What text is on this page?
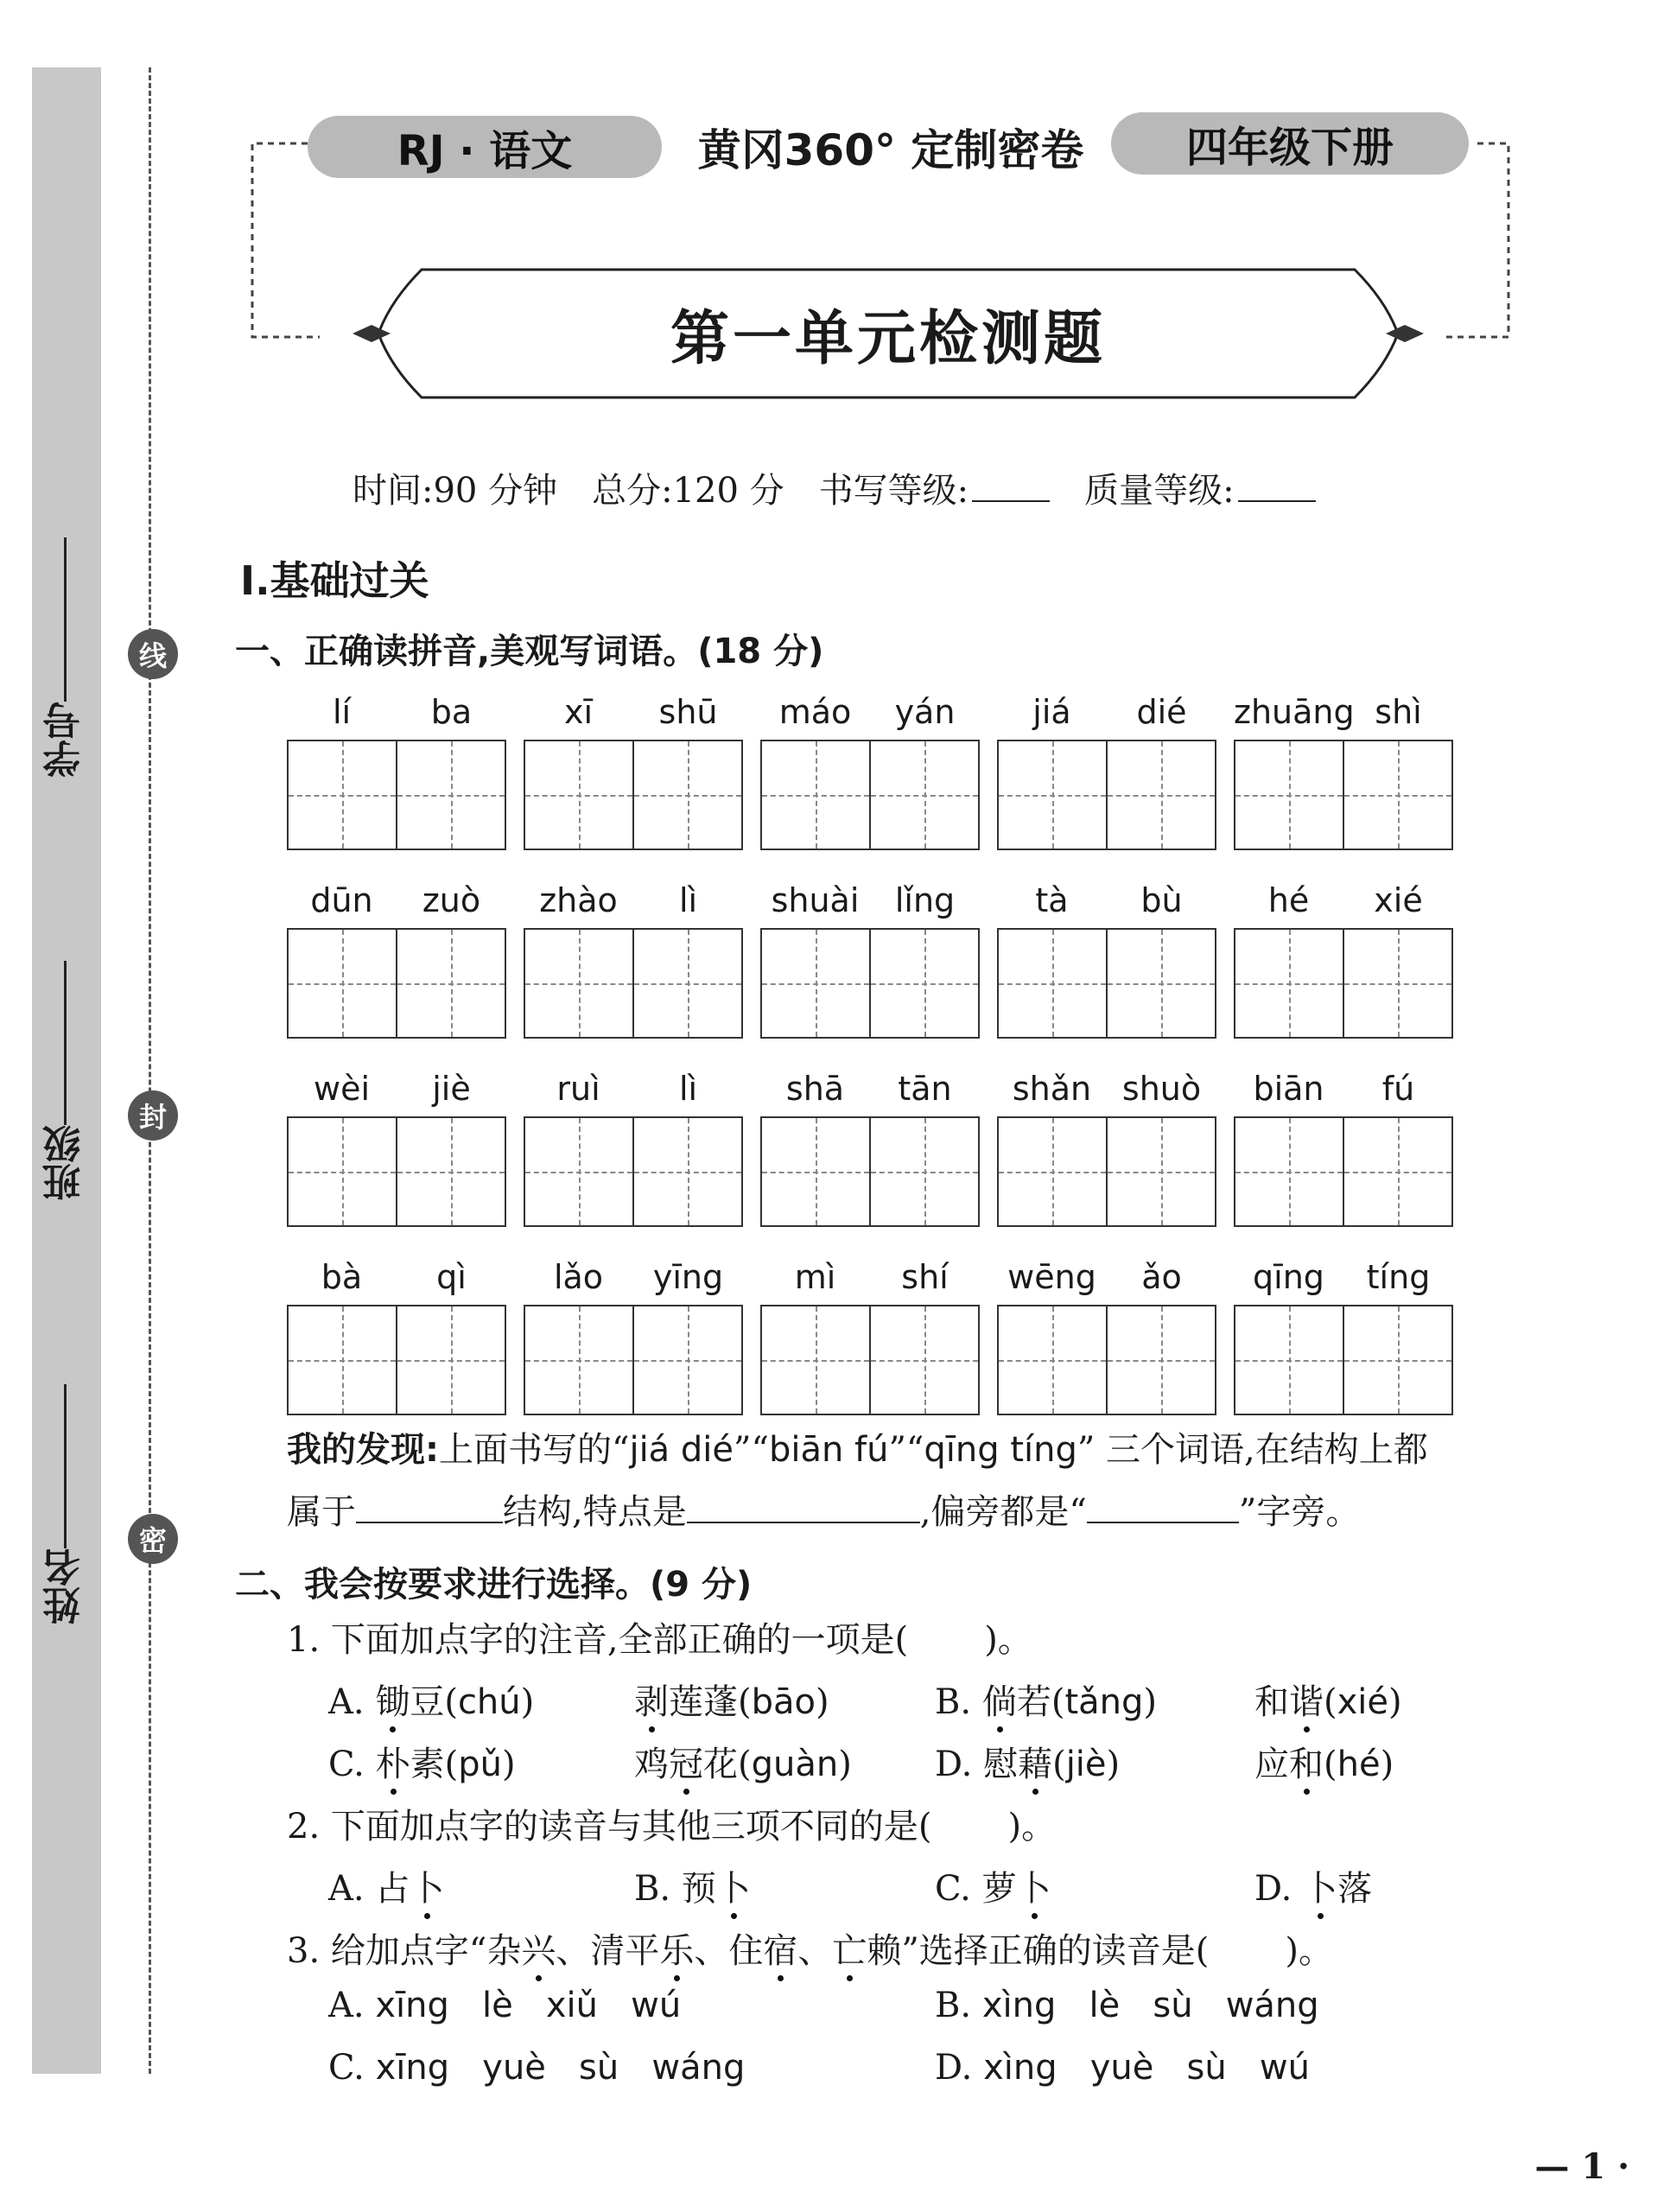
学号
班级
姓名
线
封
密
RJ · 语文	黄冈360° 定制密卷	四年级下册
第一单元检测题
时间:90 分钟 总分:120 分 书写等级:	质量等级:
Ⅰ.基础过关
一、正确读拼音,美观写词语。(18 分)
lí	ba	xī	shū	máo	yán	jiá	dié	zhuāng shì
dūn	zuò	zhào	lì	shuài	lǐng	tà	bù	hé	xié
wèi	jiè	ruì	lì	shā	tān	shǎn shuò	biān	fú
bà	qì	lǎo	yīng	mì	shí	wēng	ǎo	qīng	tíng
我的发现:上面书写的“jiá dié”“biān fú”“qīng tíng” 三个词语,在结构上都
属于	结构,特点是	,偏旁都是“	”字旁。
二、我会按要求进行选择。(9 分)
1. 下面加点字的注音,全部正确的一项是( )。
A. 锄豆(chú)	剥莲蓬(bāo)	B. 倘若(tǎng)	和谐(xié)
C. 朴素(pǔ)	鸡冠花(guàn) D. 慰藉(jiè)	应和(hé)
2. 下面加点字的读音与其他三项不同的是( )。
A. 占卜	B. 预卜	C. 萝卜	D. 卜落
3. 给加点字“杂兴、清平乐、住宿、亡赖”选择正确的读音是( )。
A. xīng   lè   xiǔ   wú	B. xìng   lè   sù   wáng
C. xīng   yuè   sù   wáng	D. xìng   yuè   sù   wú
— 1 ·
